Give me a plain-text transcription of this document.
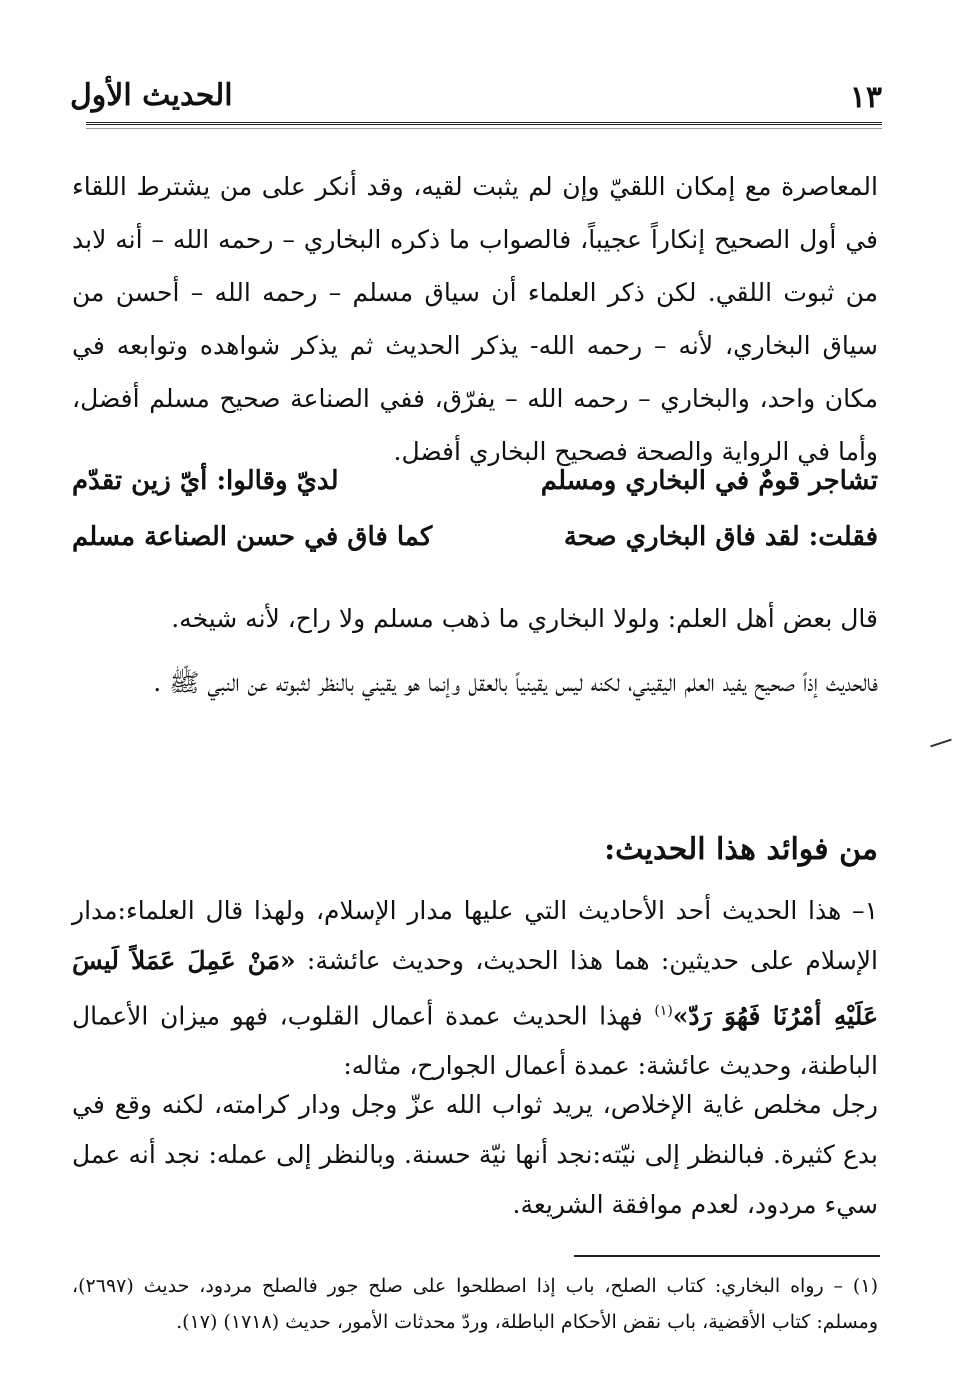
١٣
الحديث الأول

المعاصرة مع إمكان اللقيّ وإن لم يثبت لقيه، وقد أنكر على من يشترط اللقاء في أول الصحيح إنكاراً عجيباً، فالصواب ما ذكره البخاري – رحمه الله – أنه لابد من ثبوت اللقي. لكن ذكر العلماء أن سياق مسلم – رحمه الله – أحسن من سياق البخاري، لأنه – رحمه الله- يذكر الحديث ثم يذكر شواهده وتوابعه في مكان واحد، والبخاري – رحمه الله – يفرّق، ففي الصناعة صحيح مسلم أفضل، وأما في الرواية والصحة فصحيح البخاري أفضل.

تشاجر قومٌ في البخاري ومسلم
لديّ وقالوا: أيّ زين تقدّم
فقلت: لقد فاق البخاري صحة
كما فاق في حسن الصناعة مسلم

قال بعض أهل العلم: ولولا البخاري ما ذهب مسلم ولا راح، لأنه شيخه.

فالحديث إذاً صحيح يفيد العلم اليقيني، لكنه ليس يقينياً بالعقل وإنما هو يقيني بالنظر لثبوته عن النبي ﷺ .

من فوائد هذا الحديث:

١– هذا الحديث أحد الأحاديث التي عليها مدار الإسلام، ولهذا قال العلماء:مدار الإسلام على حديثين: هما هذا الحديث، وحديث عائشة: «مَنْ عَمِلَ عَمَلاً لَيسَ عَلَيْهِ أمْرُنَا فَهُوَ رَدّ»$^{(١)}$ فهذا الحديث عمدة أعمال القلوب، فهو ميزان الأعمال الباطنة، وحديث عائشة: عمدة أعمال الجوارح، مثاله:

رجل مخلص غاية الإخلاص، يريد ثواب الله عزّ وجل ودار كرامته، لكنه وقع في بدع كثيرة. فبالنظر إلى نيّته:نجد أنها نيّة حسنة. وبالنظر إلى عمله: نجد أنه عمل سيء مردود، لعدم موافقة الشريعة.

(١) – رواه البخاري: كتاب الصلح، باب إذا اصطلحوا على صلح جور فالصلح مردود، حديث (٢٦٩٧)، ومسلم: كتاب الأقضية، باب نقض الأحكام الباطلة، وردّ محدثات الأمور، حديث (١٧١٨) (١٧).
